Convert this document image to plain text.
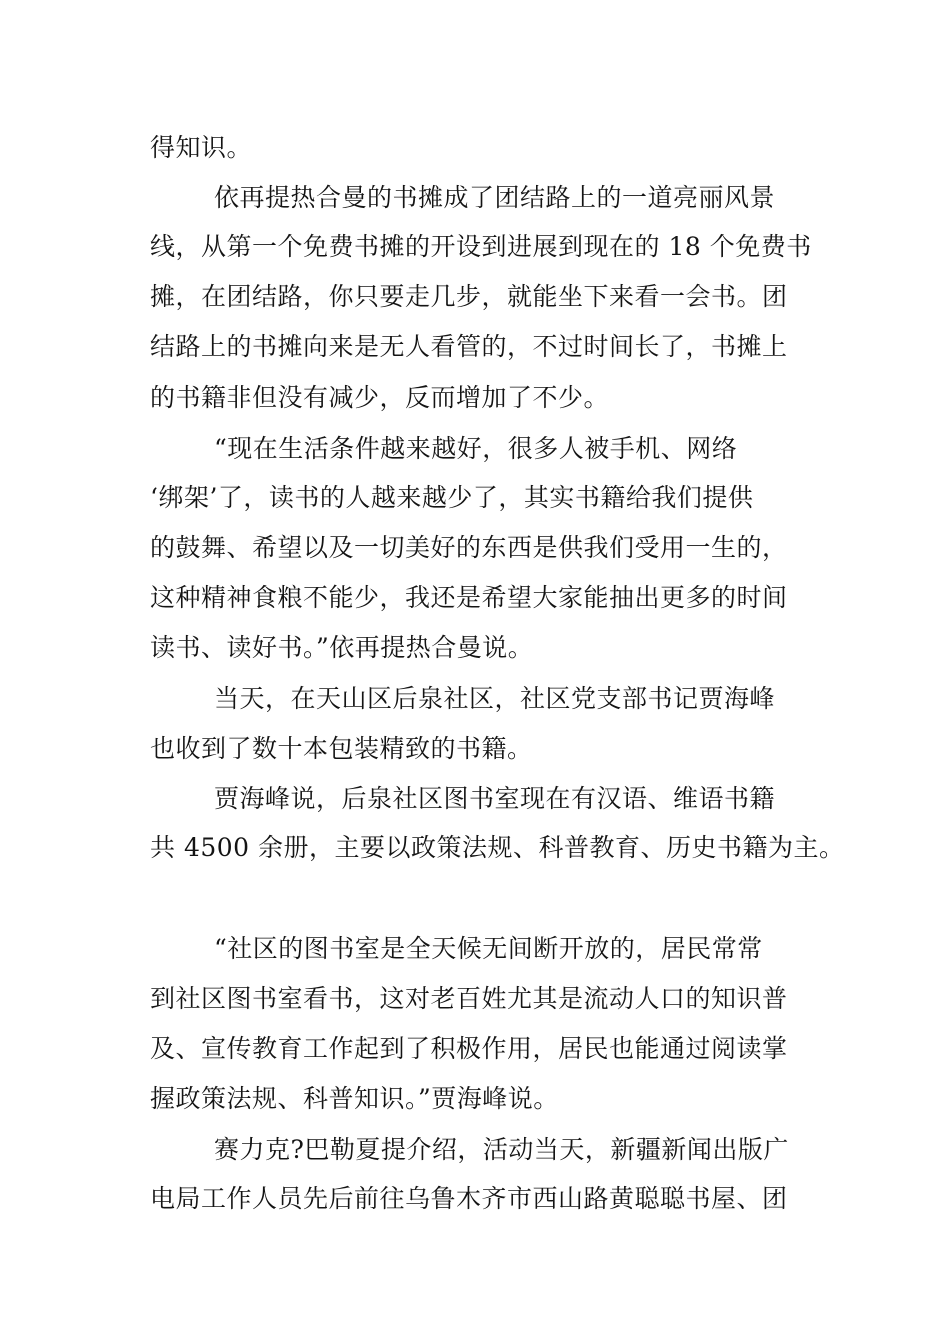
得知识。

依再提热合曼的书摊成了团结路上的一道亮丽风景

线，从第一个免费书摊的开设到进展到现在的 18 个免费书

摊，在团结路，你只要走几步，就能坐下来看一会书。团

结路上的书摊向来是无人看管的，不过时间长了，书摊上

的书籍非但没有减少，反而增加了不少。

“现在生活条件越来越好，很多人被手机、网络

‘绑架’了，读书的人越来越少了，其实书籍给我们提供

的鼓舞、希望以及一切美好的东西是供我们受用一生的，

这种精神食粮不能少，我还是希望大家能抽出更多的时间

读书、读好书。”依再提热合曼说。

当天，在天山区后泉社区，社区党支部书记贾海峰

也收到了数十本包装精致的书籍。

贾海峰说，后泉社区图书室现在有汉语、维语书籍

共 4500 余册，主要以政策法规、科普教育、历史书籍为主。

“社区的图书室是全天候无间断开放的，居民常常

到社区图书室看书，这对老百姓尤其是流动人口的知识普

及、宣传教育工作起到了积极作用，居民也能通过阅读掌

握政策法规、科普知识。”贾海峰说。

赛力克?巴勒夏提介绍，活动当天，新疆新闻出版广

电局工作人员先后前往乌鲁木齐市西山路黄聪聪书屋、团
